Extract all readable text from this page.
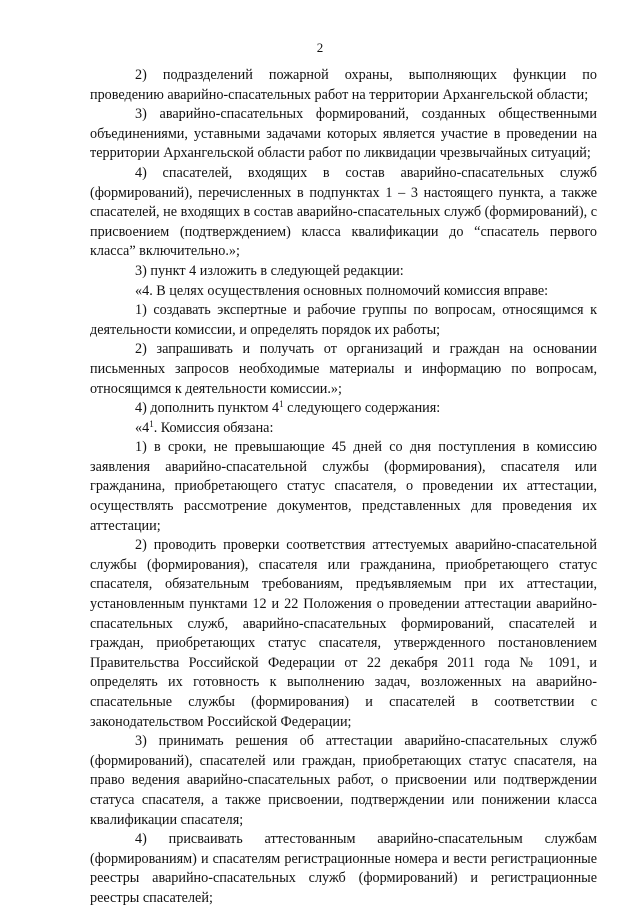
2

2) подразделений пожарной охраны, выполняющих функции по проведению аварийно-спасательных работ на территории Архангельской области;

3) аварийно-спасательных формирований, созданных общественными объединениями, уставными задачами которых является участие в проведении на территории Архангельской области работ по ликвидации чрезвычайных ситуаций;

4) спасателей, входящих в состав аварийно-спасательных служб (формирований), перечисленных в подпунктах 1 – 3 настоящего пункта, а также спасателей, не входящих в состав аварийно-спасательных служб (формирований), с присвоением (подтверждением) класса квалификации до “спасатель первого класса” включительно.»;

3) пункт 4 изложить в следующей редакции:

«4. В целях осуществления основных полномочий комиссия вправе:

1) создавать экспертные и рабочие группы по вопросам, относящимся к деятельности комиссии, и определять порядок их работы;

2) запрашивать и получать от организаций и граждан на основании письменных запросов необходимые материалы и информацию по вопросам, относящимся к деятельности комиссии.»;

4) дополнить пунктом $4^1$ следующего содержания:

«$4^1$. Комиссия обязана:

1) в сроки, не превышающие 45 дней со дня поступления в комиссию заявления аварийно-спасательной службы (формирования), спасателя или гражданина, приобретающего статус спасателя, о проведении их аттестации, осуществлять рассмотрение документов, представленных для проведения их аттестации;

2) проводить проверки соответствия аттестуемых аварийно-спасательной службы (формирования), спасателя или гражданина, приобретающего статус спасателя, обязательным требованиям, предъявляемым при их аттестации, установленным пунктами 12 и 22 Положения о проведении аттестации аварийно-спасательных служб, аварийно-спасательных формирований, спасателей и граждан, приобретающих статус спасателя, утвержденного постановлением Правительства Российской Федерации от 22 декабря 2011 года № 1091, и определять их готовность к выполнению задач, возложенных на аварийно-спасательные службы (формирования) и спасателей в соответствии с законодательством Российской Федерации;

3) принимать решения об аттестации аварийно-спасательных служб (формирований), спасателей или граждан, приобретающих статус спасателя, на право ведения аварийно-спасательных работ, о присвоении или подтверждении статуса спасателя, а также присвоении, подтверждении или понижении класса квалификации спасателя;

4) присваивать аттестованным аварийно-спасательным службам (формированиям) и спасателям регистрационные номера и вести регистрационные реестры аварийно-спасательных служб (формирований) и регистрационные реестры спасателей;
